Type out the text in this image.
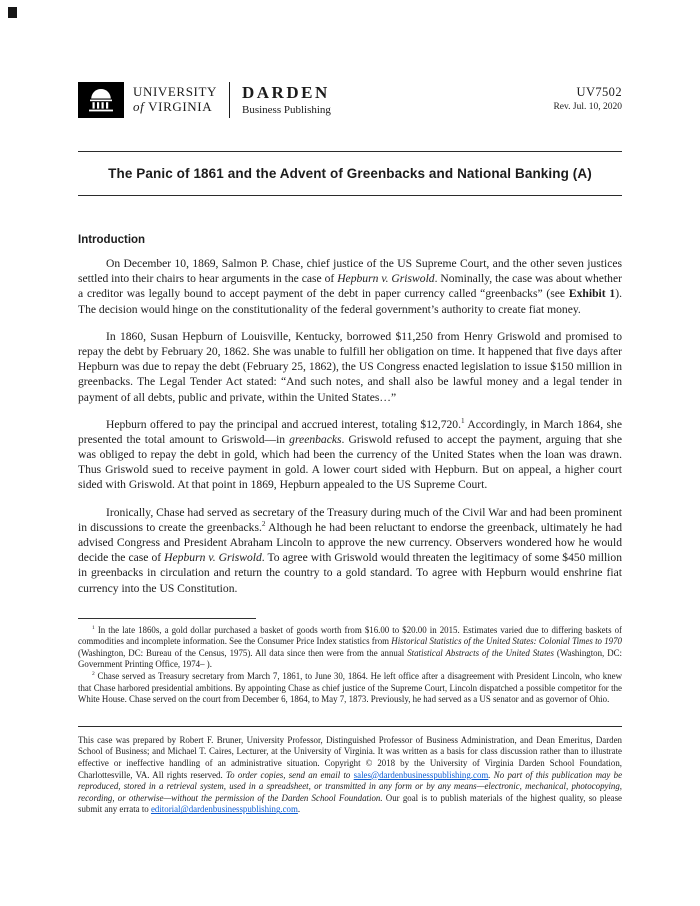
UNIVERSITY
of VIRGINIA
DARDEN
Business Publishing
UV7502
Rev. Jul. 10, 2020
The Panic of 1861 and the Advent of Greenbacks and National Banking (A)
Introduction

On December 10, 1869, Salmon P. Chase, chief justice of the US Supreme Court, and the other seven justices settled into their chairs to hear arguments in the case of Hepburn v. Griswold. Nominally, the case was about whether a creditor was legally bound to accept payment of the debt in paper currency called “greenbacks” (see Exhibit 1). The decision would hinge on the constitutionality of the federal government’s authority to create fiat money.

In 1860, Susan Hepburn of Louisville, Kentucky, borrowed $11,250 from Henry Griswold and promised to repay the debt by February 20, 1862. She was unable to fulfill her obligation on time. It happened that five days after Hepburn was due to repay the debt (February 25, 1862), the US Congress enacted legislation to issue $150 million in greenbacks. The Legal Tender Act stated: “And such notes, and shall also be lawful money and a legal tender in payment of all debts, public and private, within the United States…”

Hepburn offered to pay the principal and accrued interest, totaling $12,720.$^1$ Accordingly, in March 1864, she presented the total amount to Griswold—in greenbacks. Griswold refused to accept the payment, arguing that she was obliged to repay the debt in gold, which had been the currency of the United States when the loan was drawn. Thus Griswold sued to receive payment in gold. A lower court sided with Hepburn. But on appeal, a higher court sided with Griswold. At that point in 1869, Hepburn appealed to the US Supreme Court.

Ironically, Chase had served as secretary of the Treasury during much of the Civil War and had been prominent in discussions to create the greenbacks.$^2$ Although he had been reluctant to endorse the greenback, ultimately he had advised Congress and President Abraham Lincoln to approve the new currency. Observers wondered how he would decide the case of Hepburn v. Griswold. To agree with Griswold would threaten the legitimacy of some $450 million in greenbacks in circulation and return the country to a gold standard. To agree with Hepburn would enshrine fiat currency into the US Constitution.

$^1$ In the late 1860s, a gold dollar purchased a basket of goods worth from $16.00 to $20.00 in 2015. Estimates varied due to differing baskets of commodities and incomplete information. See the Consumer Price Index statistics from Historical Statistics of the United States: Colonial Times to 1970 (Washington, DC: Bureau of the Census, 1975). All data since then were from the annual Statistical Abstracts of the United States (Washington, DC: Government Printing Office, 1974– ).

$^2$ Chase served as Treasury secretary from March 7, 1861, to June 30, 1864. He left office after a disagreement with President Lincoln, who knew that Chase harbored presidential ambitions. By appointing Chase as chief justice of the Supreme Court, Lincoln dispatched a possible competitor for the White House. Chase served on the court from December 6, 1864, to May 7, 1873. Previously, he had served as a US senator and as governor of Ohio.

This case was prepared by Robert F. Bruner, University Professor, Distinguished Professor of Business Administration, and Dean Emeritus, Darden School of Business; and Michael T. Caires, Lecturer, at the University of Virginia. It was written as a basis for class discussion rather than to illustrate effective or ineffective handling of an administrative situation. Copyright © 2018 by the University of Virginia Darden School Foundation, Charlottesville, VA. All rights reserved. To order copies, send an email to sales@dardenbusinesspublishing.com. No part of this publication may be reproduced, stored in a retrieval system, used in a spreadsheet, or transmitted in any form or by any means—electronic, mechanical, photocopying, recording, or otherwise—without the permission of the Darden School Foundation. Our goal is to publish materials of the highest quality, so please submit any errata to editorial@dardenbusinesspublishing.com.
